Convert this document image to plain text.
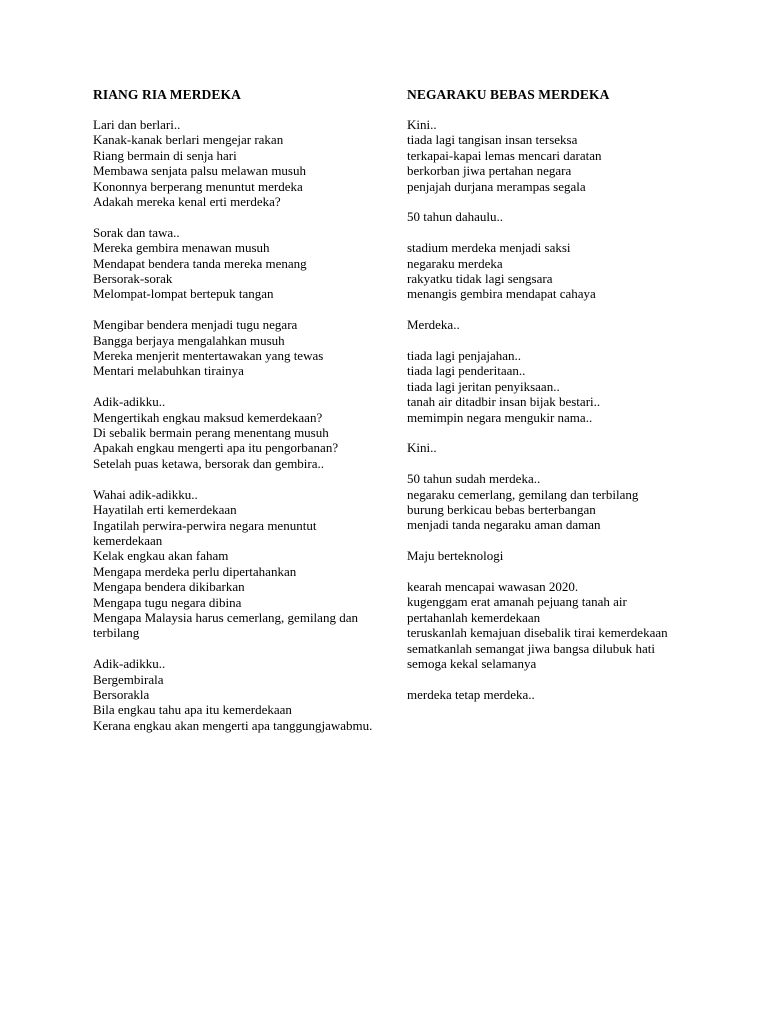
RIANG RIA MERDEKA
Lari dan berlari..
Kanak-kanak berlari mengejar rakan
Riang bermain di senja hari
Membawa senjata palsu melawan musuh
Kononnya berperang menuntut merdeka
Adakah mereka kenal erti merdeka?
Sorak dan tawa..
Mereka gembira menawan musuh
Mendapat bendera tanda mereka menang
Bersorak-sorak
Melompat-lompat bertepuk tangan
Mengibar bendera menjadi tugu negara
Bangga berjaya mengalahkan musuh
Mereka menjerit mentertawakan yang tewas
Mentari melabuhkan tirainya
Adik-adikku..
Mengertikah engkau maksud kemerdekaan?
Di sebalik bermain perang menentang musuh
Apakah engkau mengerti apa itu pengorbanan?
Setelah puas ketawa, bersorak dan gembira..
Wahai adik-adikku..
Hayatilah erti kemerdekaan
Ingatilah perwira-perwira negara menuntut kemerdekaan
Kelak engkau akan faham
Mengapa merdeka perlu dipertahankan
Mengapa bendera dikibarkan
Mengapa tugu negara dibina
Mengapa Malaysia harus cemerlang, gemilang dan terbilang
Adik-adikku..
Bergembirala
Bersorakla
Bila engkau tahu apa itu kemerdekaan
Kerana engkau akan mengerti apa tanggungjawabmu.
NEGARAKU BEBAS MERDEKA
Kini..
tiada lagi tangisan insan terseksa
terkapai-kapai lemas mencari daratan
berkorban jiwa pertahan negara
penjajah durjana merampas segala
50 tahun dahaulu..
stadium merdeka menjadi saksi
negaraku merdeka
rakyatku tidak lagi sengsara
menangis gembira mendapat cahaya
Merdeka..
tiada lagi penjajahan..
tiada lagi penderitaan..
tiada lagi jeritan penyiksaan..
tanah air ditadbir insan bijak bestari..
memimpin negara mengukir nama..
Kini..
50 tahun sudah merdeka..
negaraku cemerlang, gemilang dan terbilang
burung berkicau bebas berterbangan
menjadi tanda negaraku aman daman
Maju berteknologi
kearah mencapai wawasan 2020.
kugenggam erat amanah pejuang tanah air
pertahanlah kemerdekaan
teruskanlah kemajuan disebalik tirai kemerdekaan
sematkanlah semangat jiwa bangsa dilubuk hati
semoga kekal selamanya
merdeka tetap merdeka..
